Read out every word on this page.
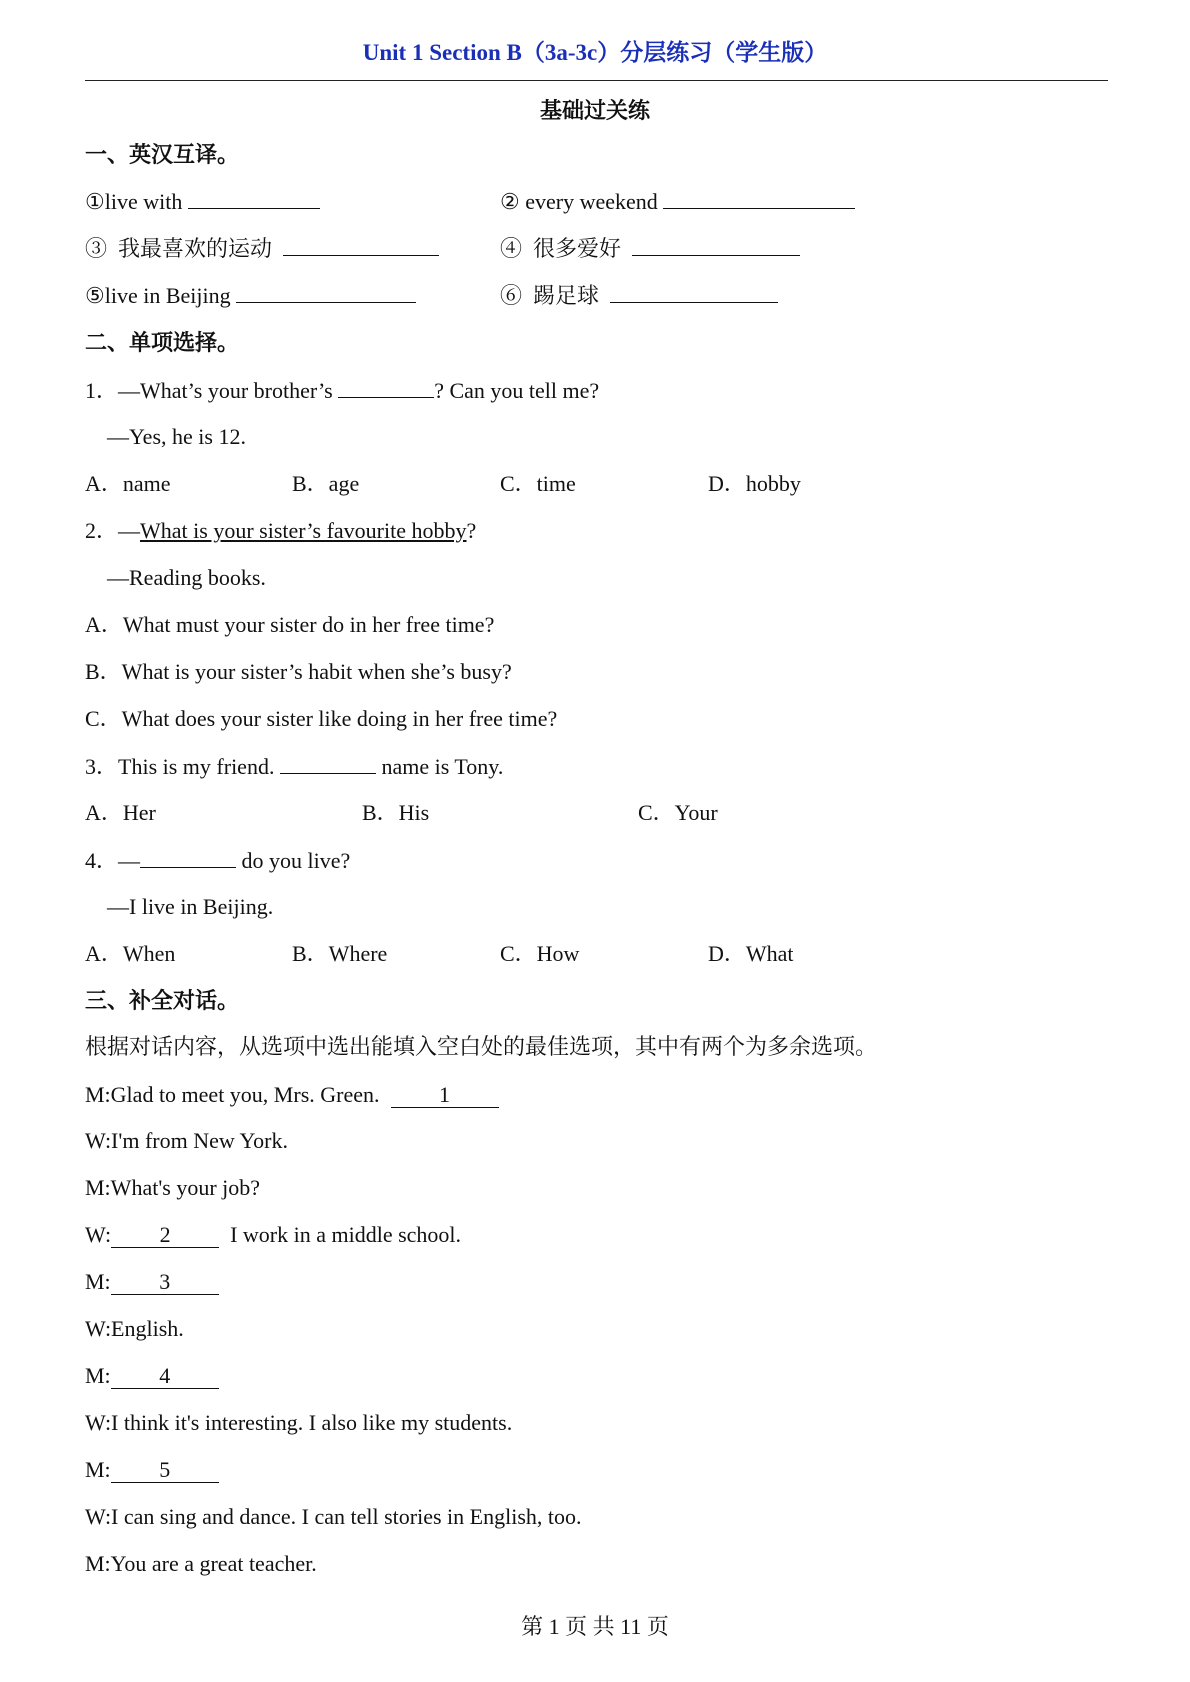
Unit 1 Section B（3a-3c）分层练习（学生版）
基础过关练
一、英汉互译。
①live with	② every weekend
③ 我最喜欢的运动	④ 很多爱好
⑤live in Beijing	⑥ 踢足球
二、单项选择。
1．—What’s your brother’s	? Can you tell me?
—Yes, he is 12.
A．name	B．age	C．time	D．hobby
2．—What is your sister’s favourite hobby?
—Reading books.
A．What must your sister do in her free time?
B．What is your sister’s habit when she’s busy?
C．What does your sister like doing in her free time?
3．This is my friend.	name is Tony.
A．Her	B．His	C．Your
4．—	do you live?
—I live in Beijing.
A．When	B．Where	C．How	D．What
三、补全对话。
根据对话内容，从选项中选出能填入空白处的最佳选项，其中有两个为多余选项。
M:Glad to meet you, Mrs. Green.	1
W:I'm from New York.
M:What's your job?
W: 2	I work in a middle school.
M: 3
W:English.
M: 4
W:I think it's interesting. I also like my students.
M: 5
W:I can sing and dance. I can tell stories in English, too.
M:You are a great teacher.
第 1 页 共 11 页
